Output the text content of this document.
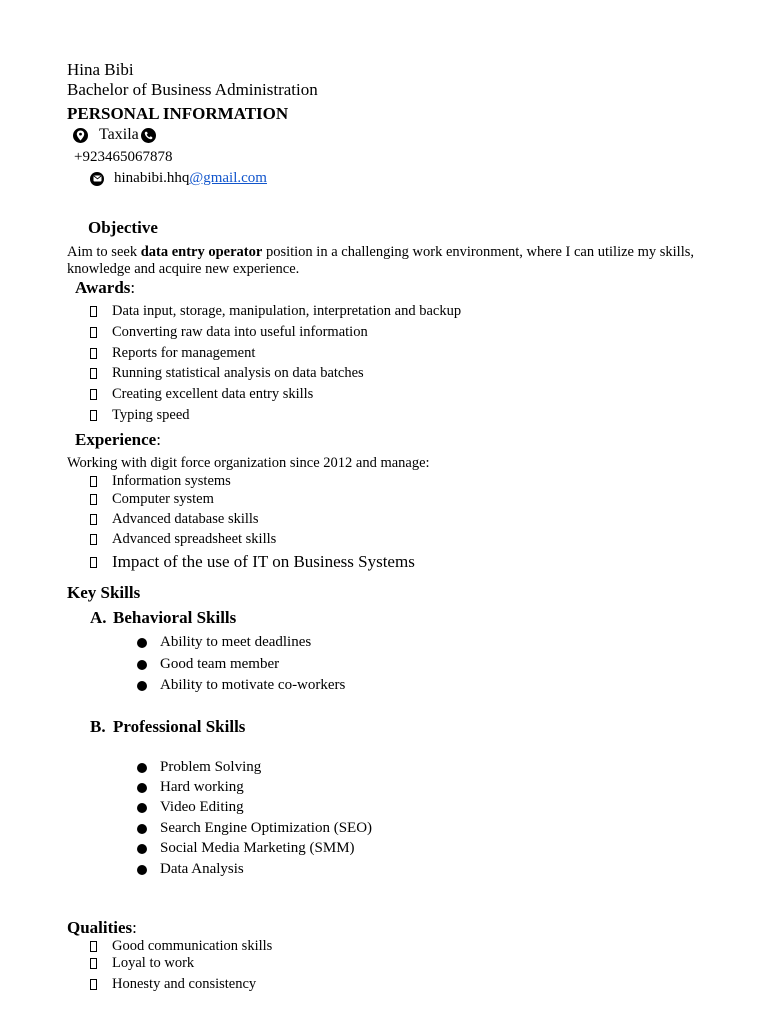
Hina Bibi
Bachelor of Business Administration
PERSONAL INFORMATION
Taxila
+923465067878
hinabibi.hhq @gmail.com
Objective
Aim to seek data entry operator position in a challenging work environment, where I can utilize my skills, knowledge and acquire new experience.
Awards:
Data input, storage, manipulation, interpretation and backup
Converting raw data into useful information
Reports for management
Running statistical analysis on data batches
Creating excellent data entry skills
Typing speed
Experience:
Working with digit force organization since 2012 and manage:
Information systems
Computer system
Advanced database skills
Advanced spreadsheet skills
Impact of the use of IT on Business Systems
Key Skills
A. Behavioral Skills
Ability to meet deadlines
Good team member
Ability to motivate co-workers
B. Professional Skills
Problem Solving
Hard working
Video Editing
Search Engine Optimization (SEO)
Social Media Marketing (SMM)
Data Analysis
Qualities:
Good communication skills
Loyal to work
Honesty and consistency
